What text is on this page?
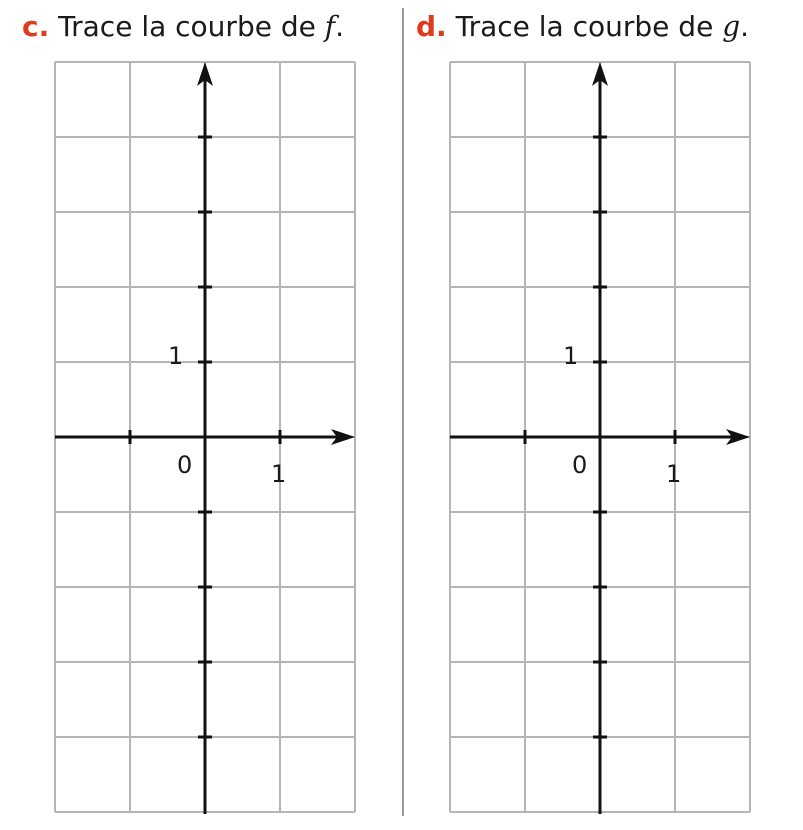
c. Trace la courbe de f.	d. Trace la courbe de g.
0	1
1
0	1
1
